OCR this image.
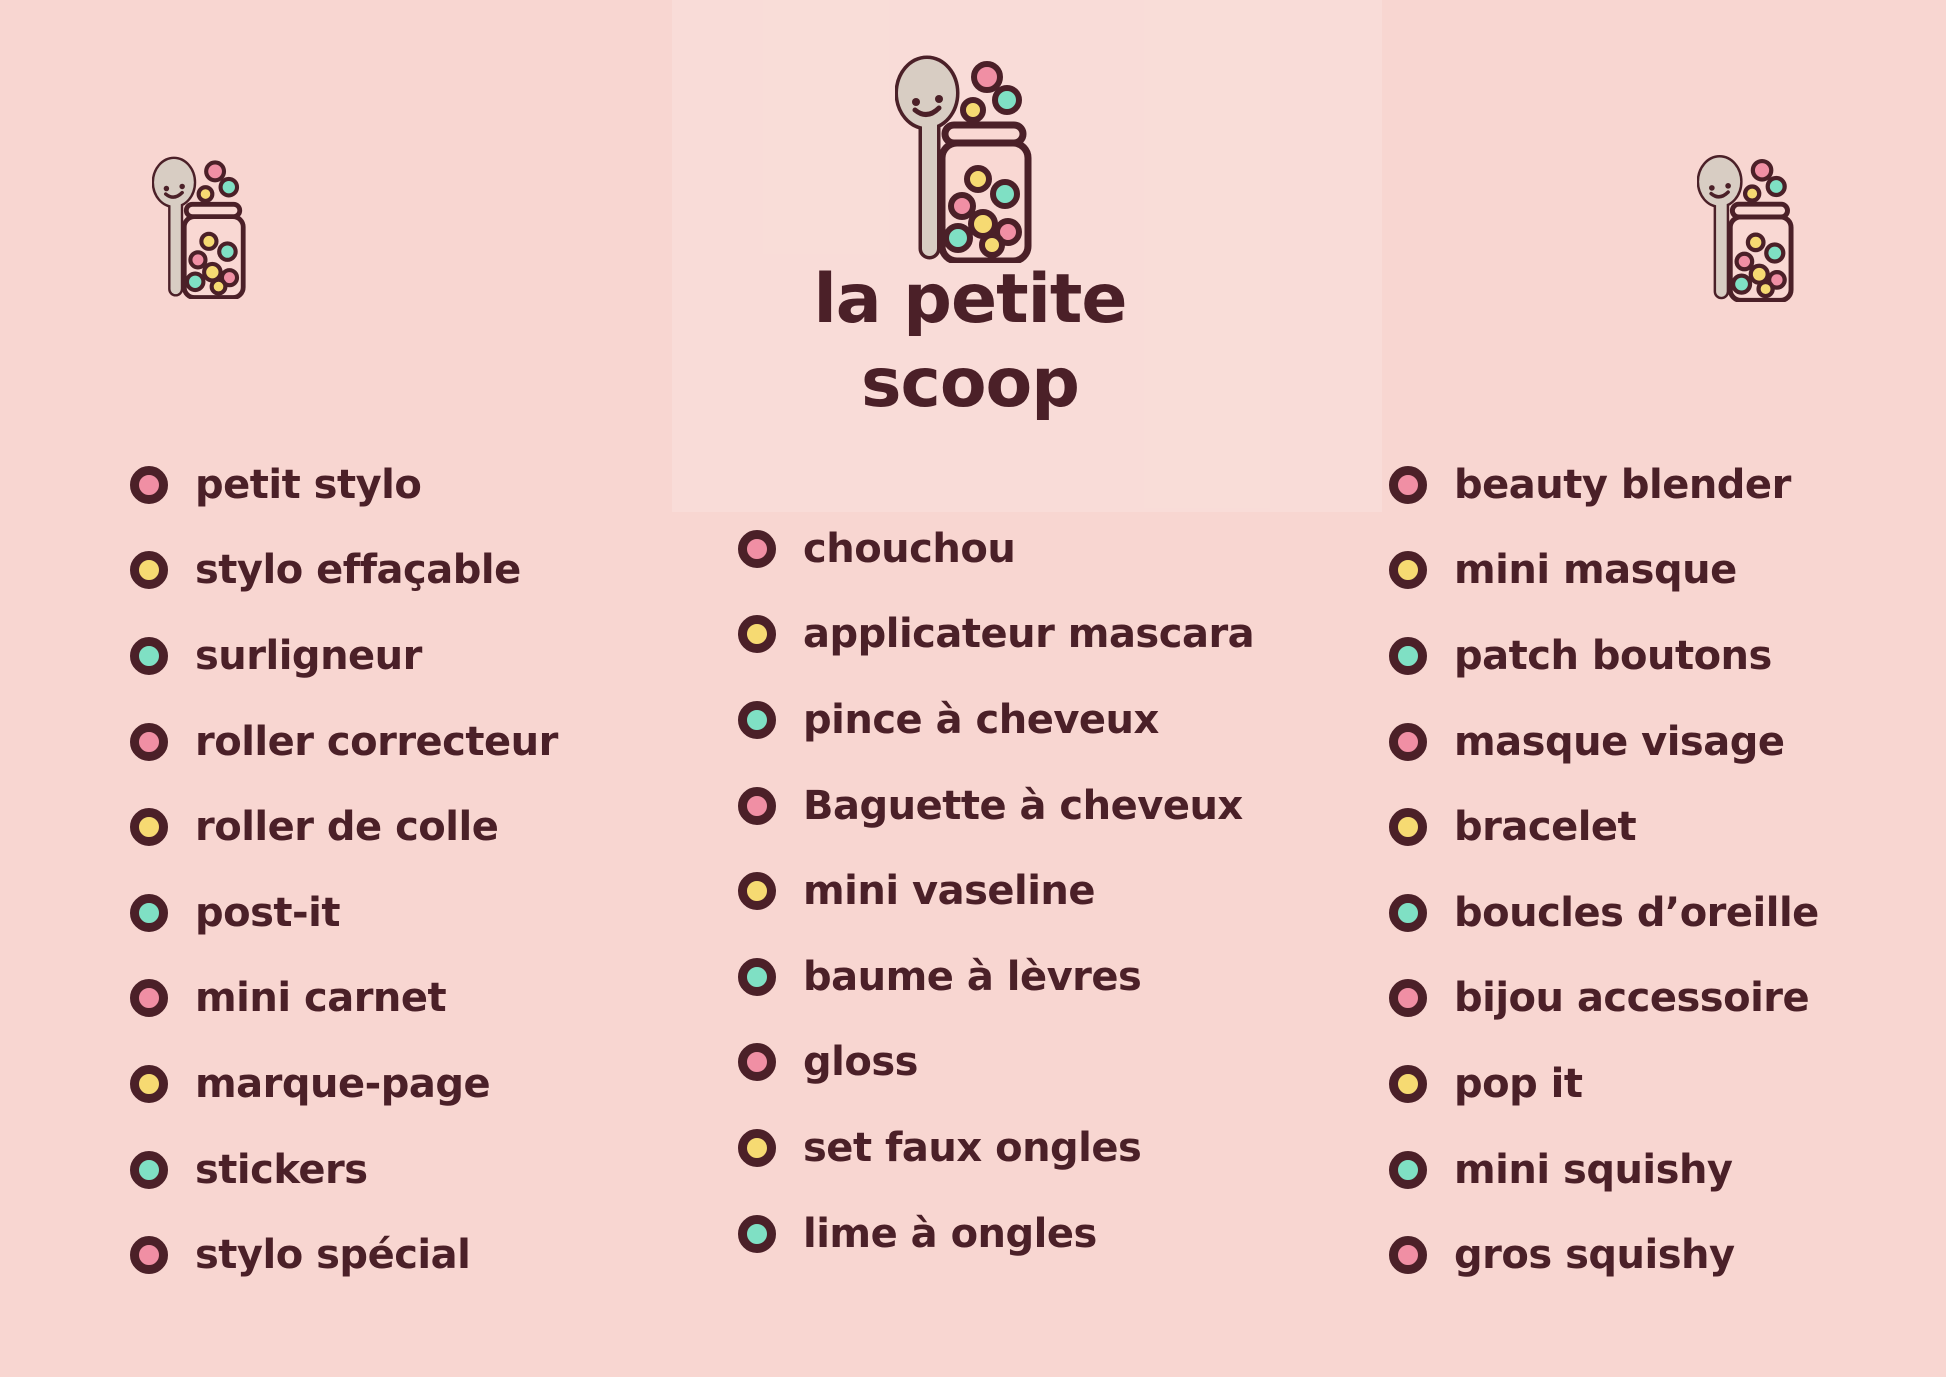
la petite
scoop
petit stylo
stylo effaçable
surligneur
roller correcteur
roller de colle
post-it
mini carnet
marque-page
stickers
stylo spécial
chouchou
applicateur mascara
pince à cheveux
Baguette à cheveux
mini vaseline
baume à lèvres
gloss
set faux ongles
lime à ongles
beauty blender
mini masque
patch boutons
masque visage
bracelet
boucles d’oreille
bijou accessoire
pop it
mini squishy
gros squishy
